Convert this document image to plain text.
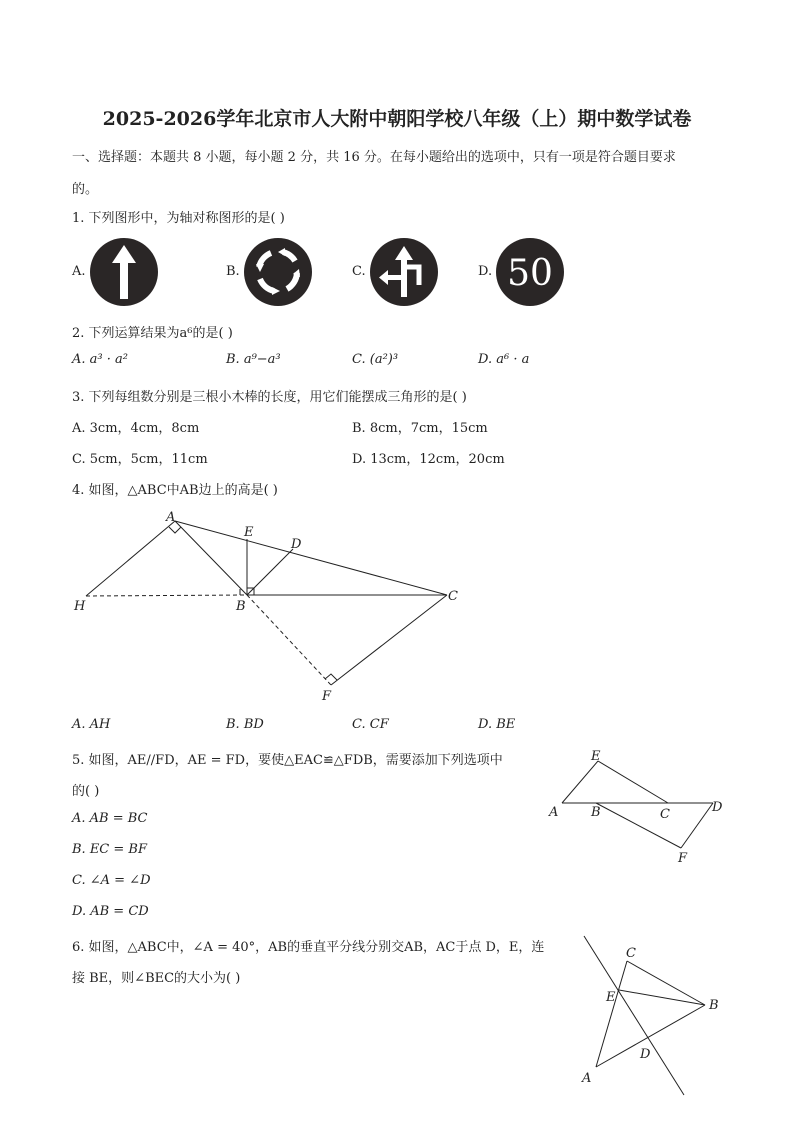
2025-2026学年北京市人大附中朝阳学校八年级（上）期中数学试卷
一、选择题：本题共 8 小题，每小题 2 分，共 16 分。在每小题给出的选项中，只有一项是符合题目要求
的。
1. 下列图形中，为轴对称图形的是( )
A.	B.	C.	D. 50
2. 下列运算结果为a⁶的是( )
A. a³ · a²	B. a⁹−a³	C. (a²)³	D. a⁶ · a
3. 下列每组数分别是三根小木棒的长度，用它们能摆成三角形的是( )
A. 3cm，4cm，8cm	B. 8cm，7cm，15cm
C. 5cm，5cm，11cm	D. 13cm，12cm，20cm
4. 如图，△ABC中AB边上的高是( )
A
E
D
H	B
C
F
A. AH	B. BD	C. CF	D. BE
5. 如图，AE//FD，AE = FD，要使△EAC≌△FDB，需要添加下列选项中
的( )
A. AB = BC
B. EC = BF
C. ∠A = ∠D
D. AB = CD
E
A	B	C	D
F
6. 如图，△ABC中，∠A = 40°，AB的垂直平分线分别交AB，AC于点 D，E，连
接 BE，则∠BEC的大小为( )
C
E
B
D
A
